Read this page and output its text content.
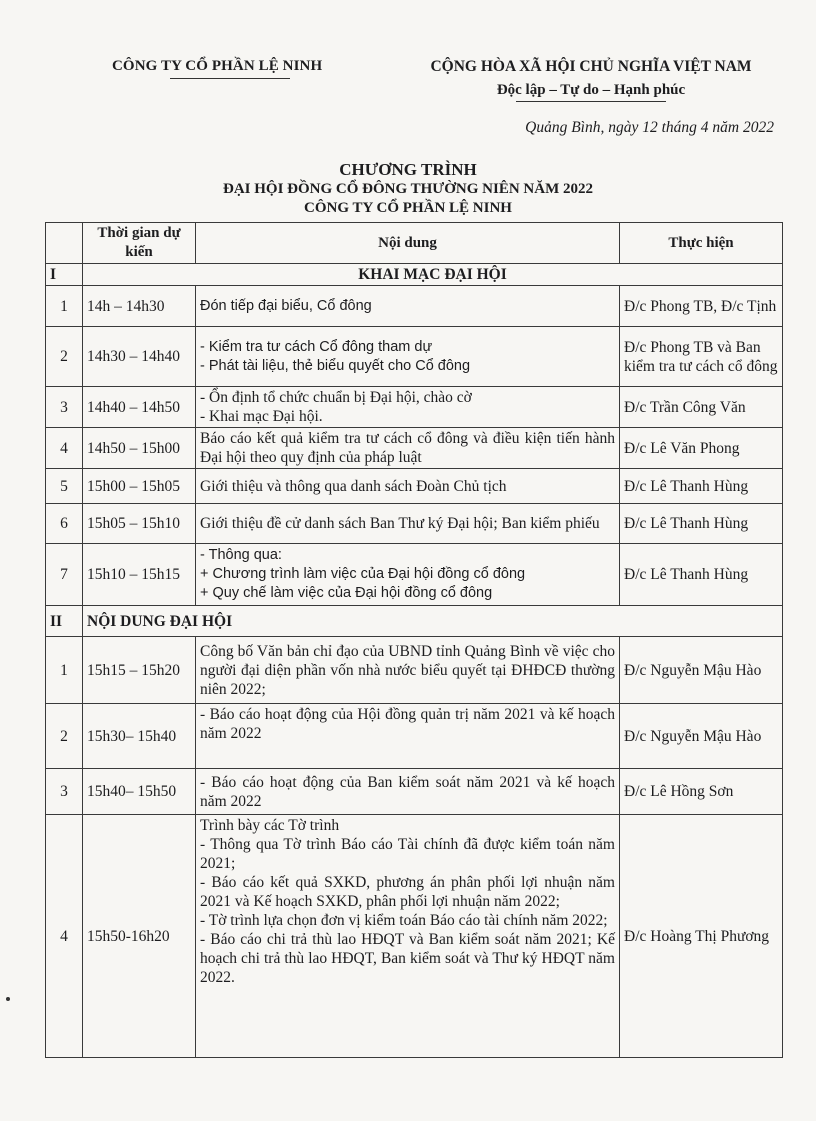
CÔNG TY CỔ PHẦN LỆ NINH	CỘNG HÒA XÃ HỘI CHỦ NGHĨA VIỆT NAM
Độc lập – Tự do – Hạnh phúc
Quảng Bình, ngày 12 tháng 4 năm 2022
CHƯƠNG TRÌNH
ĐẠI HỘI ĐỒNG CỔ ĐÔNG THƯỜNG NIÊN NĂM 2022
CÔNG TY CỔ PHẦN LỆ NINH
	Thời gian dự kiến	Nội dung	Thực hiện
I	KHAI MẠC ĐẠI HỘI		
1	14h – 14h30	Đón tiếp đại biểu, Cổ đông	Đ/c Phong TB, Đ/c Tịnh
2	14h30 – 14h40	- Kiểm tra tư cách Cổ đông tham dự
- Phát tài liệu, thẻ biểu quyết cho Cổ đông	Đ/c Phong TB và Ban kiểm tra tư cách cổ đông
3	14h40 – 14h50	- Ổn định tổ chức chuẩn bị Đại hội, chào cờ
- Khai mạc Đại hội.	Đ/c Trần Công Văn
4	14h50 – 15h00	Báo cáo kết quả kiểm tra tư cách cổ đông và điều kiện tiến hành Đại hội theo quy định của pháp luật	Đ/c Lê Văn Phong
5	15h00 – 15h05	Giới thiệu và thông qua danh sách Đoàn Chủ tịch	Đ/c Lê Thanh Hùng
6	15h05 – 15h10	Giới thiệu đề cử danh sách Ban Thư ký Đại hội; Ban kiểm phiếu	Đ/c Lê Thanh Hùng
7	15h10 – 15h15	- Thông qua:
+ Chương trình làm việc của Đại hội đồng cổ đông
+ Quy chế làm việc của Đại hội đồng cổ đông	Đ/c Lê Thanh Hùng
II	NỘI DUNG ĐẠI HỘI		
1	15h15 – 15h20	Công bố Văn bản chỉ đạo của UBND tỉnh Quảng Bình về việc cho người đại diện phần vốn nhà nước biểu quyết tại ĐHĐCĐ thường niên 2022;	Đ/c Nguyễn Mậu Hào
2	15h30– 15h40	- Báo cáo hoạt động của Hội đồng quản trị năm 2021 và kế hoạch năm 2022	Đ/c Nguyễn Mậu Hào
3	15h40– 15h50	- Báo cáo hoạt động của Ban kiểm soát năm 2021 và kế hoạch năm 2022	Đ/c Lê Hồng Sơn
4	15h50-16h20	Trình bày các Tờ trình
- Thông qua Tờ trình Báo cáo Tài chính đã được kiểm toán năm 2021;
- Báo cáo kết quả SXKD, phương án phân phối lợi nhuận năm 2021 và Kế hoạch SXKD, phân phối lợi nhuận năm 2022;
- Tờ trình lựa chọn đơn vị kiểm toán Báo cáo tài chính năm 2022;
- Báo cáo chi trả thù lao HĐQT và Ban kiểm soát năm 2021; Kế hoạch chi trả thù lao HĐQT, Ban kiểm soát và Thư ký HĐQT năm 2022.	Đ/c Hoàng Thị Phương
